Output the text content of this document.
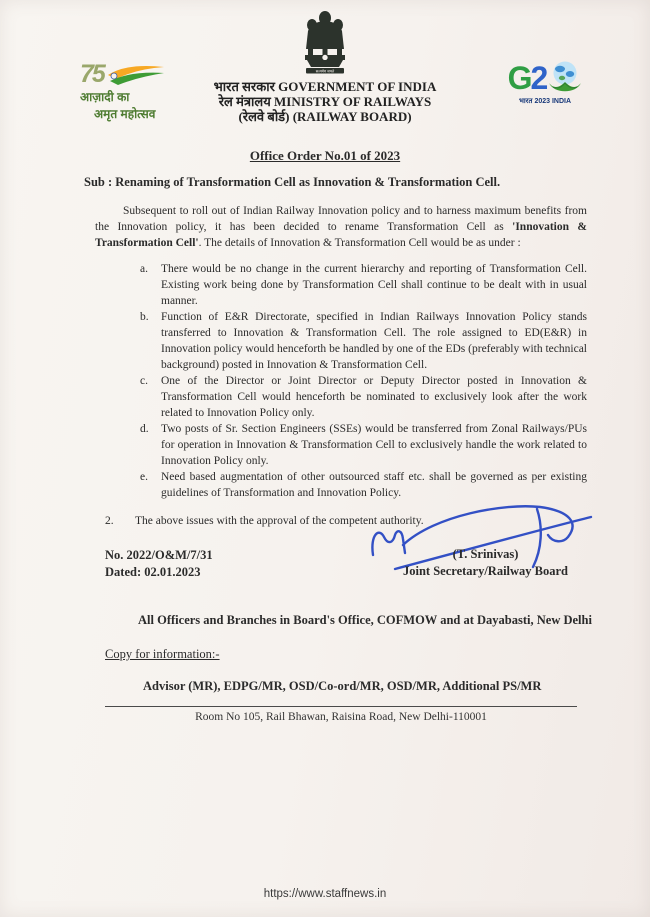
सत्यमेव जयते
75
आज़ादी का
अमृत महोत्सव
भारत सरकार GOVERNMENT OF INDIA
रेल मंत्रालय MINISTRY OF RAILWAYS
(रेलवे बोर्ड) (RAILWAY BOARD)
G
2
भारत 2023 INDIA
Office Order No.01 of 2023
Sub : Renaming of Transformation Cell as Innovation & Transformation Cell.

Subsequent to roll out of Indian Railway Innovation policy and to harness maximum benefits from the Innovation policy, it has been decided to rename Transformation Cell as 'Innovation & Transformation Cell'. The details of Innovation & Transformation Cell would be as under :

a.	There would be no change in the current hierarchy and reporting of Transformation Cell. Existing work being done by Transformation Cell shall continue to be dealt with in usual manner.
b.	Function of E&R Directorate, specified in Indian Railways Innovation Policy stands transferred to Innovation & Transformation Cell. The role assigned to ED(E&R) in Innovation policy would henceforth be handled by one of the EDs (preferably with technical background) posted in Innovation & Transformation Cell.
c.	One of the Director or Joint Director or Deputy Director posted in Innovation & Transformation Cell would henceforth be nominated to exclusively look after the work related to Innovation Policy only.
d.	Two posts of Sr. Section Engineers (SSEs) would be transferred from Zonal Railways/PUs for operation in Innovation & Transformation Cell to exclusively handle the work related to Innovation Policy only.
e.	Need based augmentation of other outsourced staff etc. shall be governed as per existing guidelines of Transformation and Innovation Policy.
2.	The above issues with the approval of the competent authority.
No. 2022/O&M/7/31
Dated: 02.01.2023
(T. Srinivas)
Joint Secretary/Railway Board
All Officers and Branches in Board's Office, COFMOW and at Dayabasti, New Delhi
Copy for information:-
Advisor (MR), EDPG/MR, OSD/Co-ord/MR, OSD/MR, Additional PS/MR
Room No 105, Rail Bhawan, Raisina Road, New Delhi-110001
https://www.staffnews.in
